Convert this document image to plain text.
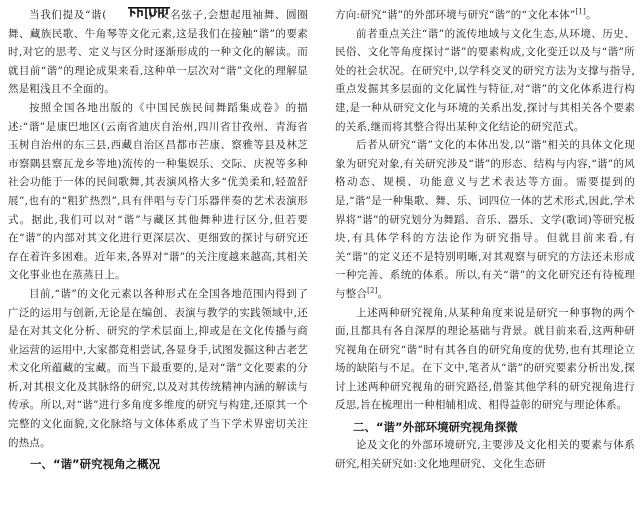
当我们提及“谐(	)”又名弦子,会想起甩袖舞、圆圈舞、藏族民歌、牛角琴等文化元素,这是我们在接触“谐”的要素时,对它的思考、定义与区分时逐渐形成的一种文化的解读。而就目前“谐”的理论成果来看,这种单一层次对“谐”文化的理解显然是粗浅且不全面的。

按照全国各地出版的《中国民族民间舞蹈集成卷》的描述:“谐”是康巴地区(云南省迪庆自治州,四川省甘孜州、青海省玉树自治州的东三县,西藏自治区昌都市芒康、察雅等县及林芝市察隅县察瓦龙乡等地)流传的一种集娱乐、交际、庆祝等多种社会功能于一体的民间歌舞,其表演风格大多“优美柔和,轻盈舒展”,也有的“粗犷热烈”,具有伴唱与专门乐器伴奏的艺术表演形式。据此,我们可以对“谐”与藏区其他舞种进行区分,但若要在“谐”的内部对其文化进行更深层次、更细致的探讨与研究还存在着许多困难。近年来,各界对“谐”的关注度越来越高,其相关文化事业也在蒸蒸日上。

目前,“谐”的文化元素以各种形式在全国各地范围内得到了广泛的运用与创新,无论是在编创、表演与教学的实践领域中,还是在对其文化分析、研究的学术层面上,抑或是在文化传播与商业运营的运用中,大家都竞相尝试,各显身手,试图发掘这种古老艺术文化所蕴藏的宝藏。而当下最重要的,是对“谐”文化要素的分析,对其根文化及其脉络的研究,以及对其传统精神内涵的解读与传承。所以,对“谐”进行多角度多维度的研究与构建,还原其一个完整的文化面貌,文化脉络与文体体系成了当下学术界密切关注的热点。

一、“谐”研究视角之概况

方向:研究“谐”的外部环境与研究“谐”的“文化本体”[1]。

前者重点关注“谐”的流传地域与文化生态,从环境、历史、民俗、文化等角度探讨“谐”的要素构成,文化变迁以及与“谐”所处的社会状况。在研究中,以学科交叉的研究方法为支撑与指导,重点发掘其多层面的文化属性与特征,对“谐”的文化体系进行构建,是一种从研究文化与环境的关系出发,探讨与其相关各个要素的关系,继而将其整合得出某种文化结论的研究范式。

后者从研究“谐”文化的本体出发,以“谐”相关的具体文化现象为研究对象,有关研究涉及“谐”的形态、结构与内容,“谐”的风格动态、规模、功能意义与艺术表达等方面。需要提到的是,“谐”是一种集歌、舞、乐、词四位一体的艺术形式,因此,学术界将“谐”的研究划分为舞蹈、音乐、器乐、文学(歌词)等研究板块,有具体学科的方法论作为研究指导。但就目前来看,有关“谐”的定义还不是特别明晰,对其观察与研究的方法还未形成一种完善、系统的体系。所以,有关“谐”的文化研究还有待梳理与整合[2]。

上述两种研究视角,从某种角度来说是研究一种事物的两个面,且都具有各自深厚的理论基础与背景。就目前来看,这两种研究视角在研究“谐”时有其各自的研究角度的优势,也有其理论立场的缺陷与不足。在下文中,笔者从“谐”的研究要素分析出发,探讨上述两种研究视角的研究路径,借鉴其他学科的研究视角进行反思,旨在梳理出一种相辅相成、相得益彰的研究与理论体系。

二、“谐”外部环境研究视角探微

论及文化的外部环境研究,主要涉及文化相关的要素与体系研究,相关研究如:文化地理研究、文化生态研
